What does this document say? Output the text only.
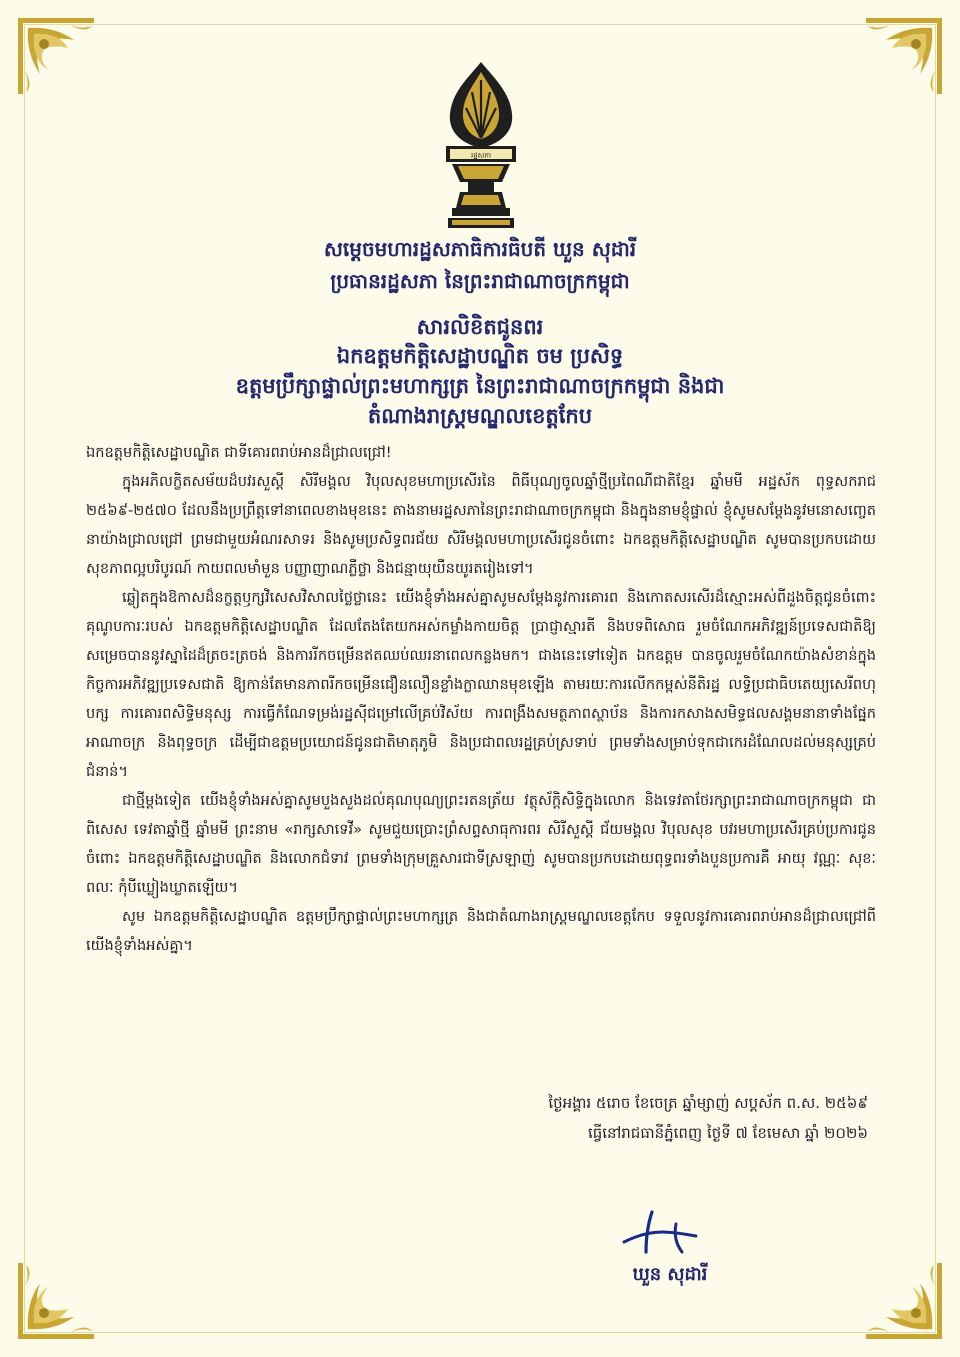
រដ្ឋសភា
សម្ដេចមហារដ្ឋសភាធិការធិបតី ឃួន សុដារី
ប្រធានរដ្ឋសភា នៃព្រះរាជាណាចក្រកម្ពុជា
សារលិខិតជូនពរ
ឯកឧត្តមកិត្តិសេដ្ឋាបណ្ឌិត ចម ប្រសិទ្ធ
ឧត្តមប្រឹក្សាផ្ទាល់ព្រះមហាក្សត្រ នៃព្រះរាជាណាចក្រកម្ពុជា និងជា
តំណាងរាស្ត្រមណ្ឌលខេត្តកែប

ឯកឧត្តមកិត្តិសេដ្ឋាបណ្ឌិត ជាទីគោរពរាប់អានដ៏ជ្រាលជ្រៅ!

ក្នុងអភិលក្ខិតសម័យដ៏បវរសួស្ដី សិរីមង្គល វិបុលសុខមហាប្រសើរនៃ ពិធីបុណ្យចូលឆ្នាំថ្មីប្រពៃណីជាតិខ្មែរ ឆ្នាំមមី អដ្ឋស័ក ពុទ្ធសករាជ ២៥៦៩-២៥៧០ ដែលនឹងប្រព្រឹត្តទៅនាពេលខាងមុខនេះ តាងនាមរដ្ឋសភានៃព្រះរាជាណាចក្រកម្ពុជា និងក្នុងនាមខ្ញុំផ្ទាល់ ខ្ញុំសូមសម្ដែងនូវមនោសញ្ចេតនាយ៉ាងជ្រាលជ្រៅ ព្រមជាមួយអំណរសាទរ និងសូមប្រសិទ្ធពរជ័យ សិរីមង្គលមហាប្រសើរជូនចំពោះ ឯកឧត្តមកិត្តិសេដ្ឋាបណ្ឌិត សូមបានប្រកបដោយសុខភាពល្អបរិបូរណ៍ កាយពលមាំមួន បញ្ញាញាណភ្លឺថ្លា និងជន្មាយុយឺនយូរតរៀងទៅ។

ឆ្លៀតក្នុងឱកាសដ៏នក្ខត្តឫក្សវិសេសវិសាលថ្លៃថ្លានេះ យើងខ្ញុំទាំងអស់គ្នាសូមសម្ដែងនូវការគោរព និងកោតសរសើរដ៏ស្មោះអស់ពីដួងចិត្តជូនចំពោះគុណូបការៈរបស់ ឯកឧត្តមកិត្តិសេដ្ឋាបណ្ឌិត ដែលតែងតែយកអស់កម្លាំងកាយចិត្ត ប្រាជ្ញាស្មារតី និងបទពិសោធ រួមចំណែកអភិវឌ្ឍន៍ប្រទេសជាតិឱ្យសម្រេចបាននូវស្នាដៃដ៏ត្រចះត្រចង់ និងការរីកចម្រើនឥតឈប់ឈរនាពេលកន្លងមក។ ជាងនេះទៅទៀត ឯកឧត្តម បានចូលរួមចំណែកយ៉ាងសំខាន់ក្នុងកិច្ចការអភិវឌ្ឍប្រទេសជាតិ ឱ្យកាន់តែមានភាពរីកចម្រើនជឿនលឿនខ្លាំងក្លាឈានមុខឡើង តាមរយៈការលើកកម្ពស់នីតិរដ្ឋ លទ្ធិប្រជាធិបតេយ្យសេរីពហុបក្ស ការគោរពសិទ្ធិមនុស្ស ការធ្វើកំណែទម្រង់រដ្ឋស៊ីជម្រៅលើគ្រប់វិស័យ ការពង្រឹងសមត្ថភាពស្ថាប័ន និងការកសាងសមិទ្ធផលសង្គមនានាទាំងផ្នែកអាណាចក្រ និងពុទ្ធចក្រ ដើម្បីជាឧត្តមប្រយោជន៍ជូនជាតិមាតុភូមិ និងប្រជាពលរដ្ឋគ្រប់ស្រទាប់ ព្រមទាំងសម្រាប់ទុកជាកេរដំណែលដល់មនុស្សគ្រប់ជំនាន់។

ជាថ្មីម្តងទៀត យើងខ្ញុំទាំងអស់គ្នាសូមបួងសួងដល់គុណបុណ្យព្រះរតនត្រ័យ វត្ថុស័ក្ដិសិទ្ធិក្នុងលោក និងទេវតាថែរក្សាព្រះរាជាណាចក្រកម្ពុជា ជាពិសេស ទេវតាឆ្នាំថ្មី ឆ្នាំមមី ព្រះនាម «រាក្សសាទេវី» សូមជួយប្រោះព្រំសព្ទសាធុការពរ សិរីសួស្ដី ជ័យមង្គល វិបុលសុខ បវរមហាប្រសើរគ្រប់ប្រការជូនចំពោះ ឯកឧត្តមកិត្តិសេដ្ឋាបណ្ឌិត និងលោកជំទាវ ព្រមទាំងក្រុមគ្រួសារជាទីស្រឡាញ់ សូមបានប្រកបដោយពុទ្ធពរទាំងបួនប្រការគឺ អាយុ វណ្ណៈ សុខៈ ពលៈ កុំបីឃ្លៀងឃ្លាតឡើយ។

សូម ឯកឧត្តមកិត្តិសេដ្ឋាបណ្ឌិត ឧត្តមប្រឹក្សាផ្ទាល់ព្រះមហាក្សត្រ និងជាតំណាងរាស្ត្រមណ្ឌលខេត្តកែប ទទួលនូវការគោរពរាប់អានដ៏ជ្រាលជ្រៅពីយើងខ្ញុំទាំងអស់គ្នា។

ថ្ងៃអង្គារ ៥រោច ខែចេត្រ ឆ្នាំម្សាញ់ សប្តស័ក ព.ស. ២៥៦៩
ធ្វើនៅរាជធានីភ្នំពេញ ថ្ងៃទី ៧ ខែមេសា ឆ្នាំ ២០២៦
ឃួន សុដារី
